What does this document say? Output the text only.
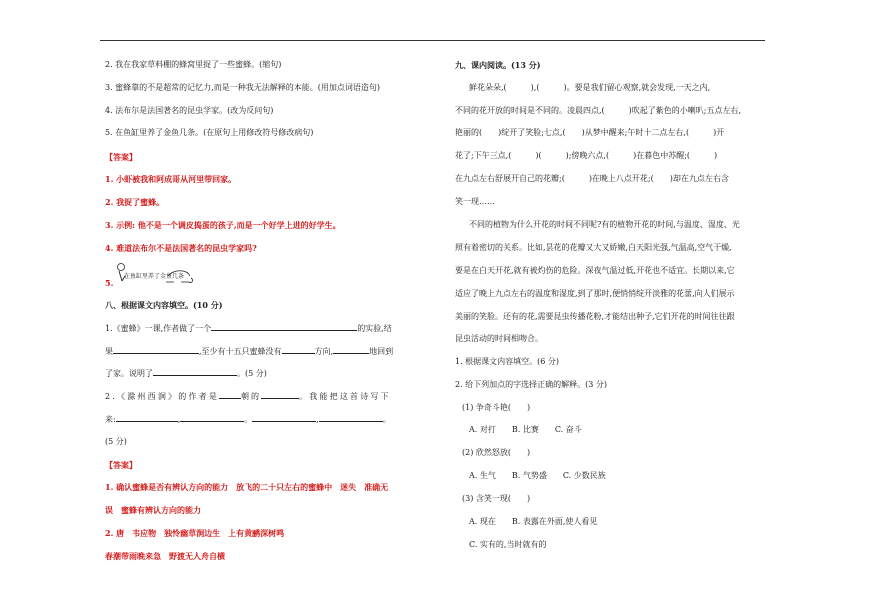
2. 我在我家草料棚的蜂窝里捉了一些蜜蜂。(缩句)
3. 蜜蜂靠的不是超常的记忆力,而是一种我无法解释的本能。(用加点词语造句)
4. 法布尔是法国著名的昆虫学家。(改为反问句)
5. 在鱼缸里养了金鱼几条。(在原句上用修改符号修改病句)
【答案】
1. 小虾被我和阿成哥从河里带回家。
2. 我捉了蜜蜂。
3. 示例: 他不是一个调皮捣蛋的孩子,而是一个好学上进的好学生。
4. 难道法布尔不是法国著名的昆虫学家吗?
5.
在鱼缸里养了金鱼几条
八、根据课文内容填空。(10 分)
1.《蜜蜂》一课,作者做了一个	的实验,结
果	,至少有十五只蜜蜂没有	方向,	地回到
了家。说明了	。(5 分)
2.《滁州西涧》的作者是	朝的	。我能把这首诗写下
来:	,	。	,	。
(5 分)
【答案】
1. 确认蜜蜂是否有辨认方向的能力　放飞的二十只左右的蜜蜂中　迷失　准确无
误　蜜蜂有辨认方向的能力
2. 唐　韦应物　独怜幽草涧边生　上有黄鹂深树鸣
春潮带雨晚来急　野渡无人舟自横
九、课内阅读。(13 分)
鲜花朵朵,(　　　),(　　　)。要是我们留心观察,就会发现,一天之内,
不同的花开放的时间是不同的。凌晨四点,(　　　)吹起了紫色的小喇叭;五点左右,
艳丽的(　　)绽开了笑脸;七点,(　　)从梦中醒来;午时十二点左右,(　　　)开
花了;下午三点,(　　　)(　　　);傍晚六点,(　　　)在暮色中苏醒;(　　　)
在九点左右舒展开自己的花瓣;(　　　)在晚上八点开花;(　　)却在九点左右含
笑一现……
不同的植物为什么开花的时间不同呢?有的植物开花的时间,与温度、湿度、光
照有着密切的关系。比如,昙花的花瓣又大又娇嫩,白天阳光强,气温高,空气干燥,
要是在白天开花,就有被灼伤的危险。深夜气温过低,开花也不适宜。长期以来,它
适应了晚上九点左右的温度和湿度,到了那时,便悄悄绽开淡雅的花蕾,向人们展示
美丽的笑脸。还有的花,需要昆虫传播花粉,才能结出种子,它们开花的时间往往跟
昆虫活动的时间相吻合。
1. 根据课文内容填空。(6 分)
2. 给下列加点的字选择正确的解释。(3 分)
(1) 争奇斗艳(　　)
A. 对打　　B. 比赛　　C. 奋斗
(2) 欣然怒放(　　)
A. 生气　　B. 气势盛　　C. 少数民族
(3) 含笑一现(　　)
A. 现在　　B. 表露在外面,使人看见
C. 实有的,当时就有的
